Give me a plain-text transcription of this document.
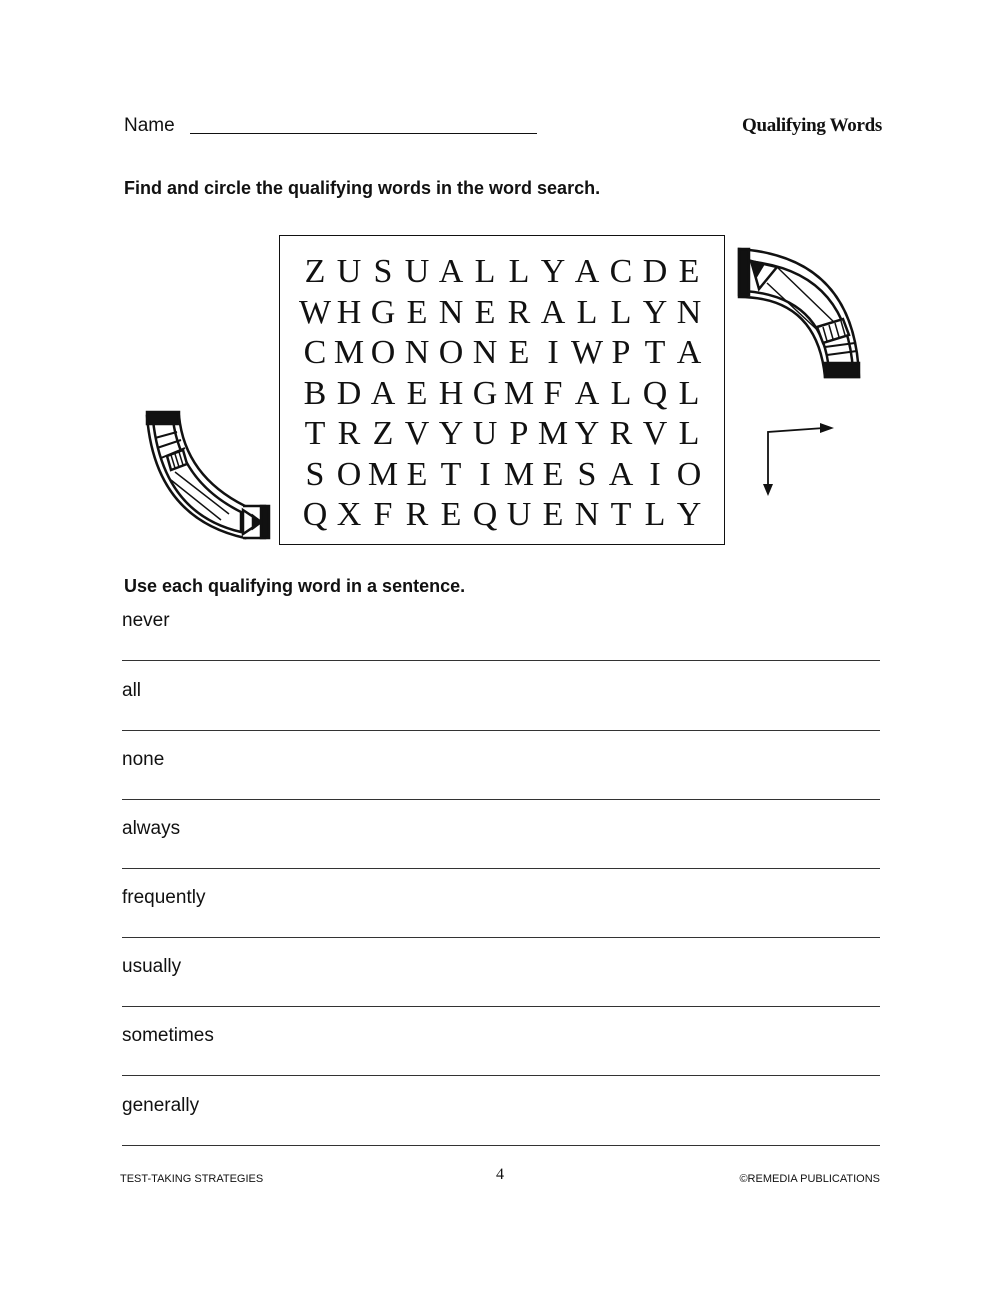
Name	Qualifying Words
Find and circle the qualifying words in the word search.
Z U S U A L L Y A C D E
W H G E N E R A L L Y N
C M O N O N E I W P T A
B D A E H G M F A L Q L
T R Z V Y U P M Y R V L
S O M E T I M E S A I O
Q X F R E Q U E N T L Y
Use each qualifying word in a sentence.
never
all
none
always
frequently
usually
sometimes
generally
TEST-TAKING STRATEGIES	4	©REMEDIA PUBLICATIONS
